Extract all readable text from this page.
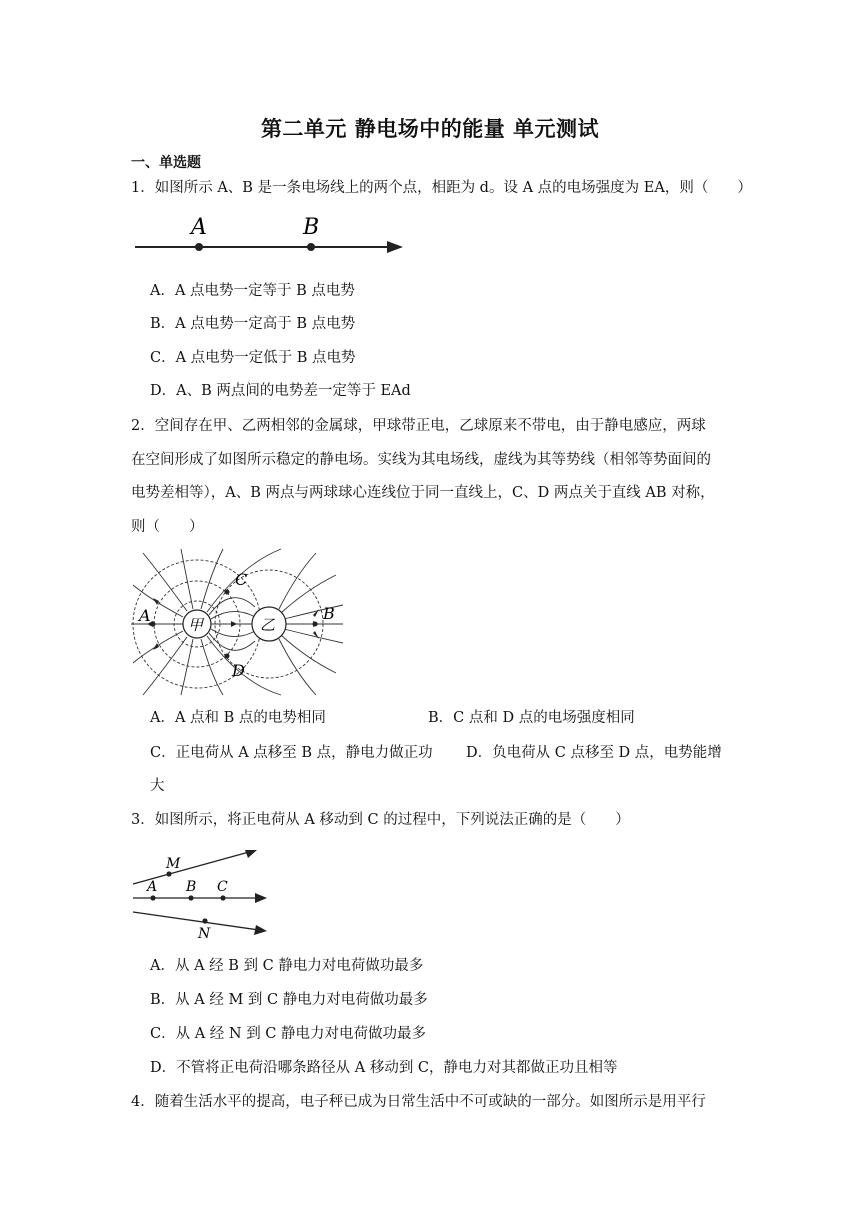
第二单元 静电场中的能量 单元测试
一、单选题
1．如图所示 A、B 是一条电场线上的两个点，相距为 d。设 A 点的电场强度为 EA，则（　　）
A	B
A．A 点电势一定等于 B 点电势
B．A 点电势一定高于 B 点电势
C．A 点电势一定低于 B 点电势
D．A、B 两点间的电势差一定等于 EAd
2．空间存在甲、乙两相邻的金属球，甲球带正电，乙球原来不带电，由于静电感应，两球
在空间形成了如图所示稳定的静电场。实线为其电场线，虚线为其等势线（相邻等势面间的
电势差相等），A、B 两点与两球球心连线位于同一直线上，C、D 两点关于直线 AB 对称，
则（　　）
甲	乙
A	B
C
D
A．A 点和 B 点的电势相同	B．C 点和 D 点的电场强度相同
C．正电荷从 A 点移至 B 点，静电力做正功 D．负电荷从 C 点移至 D 点，电势能增
大
3．如图所示，将正电荷从 A 移动到 C 的过程中，下列说法正确的是（　　）
M
A B C
N
A．从 A 经 B 到 C 静电力对电荷做功最多
B．从 A 经 M 到 C 静电力对电荷做功最多
C．从 A 经 N 到 C 静电力对电荷做功最多
D．不管将正电荷沿哪条路径从 A 移动到 C，静电力对其都做正功且相等
4．随着生活水平的提高，电子秤已成为日常生活中不可或缺的一部分。如图所示是用平行
